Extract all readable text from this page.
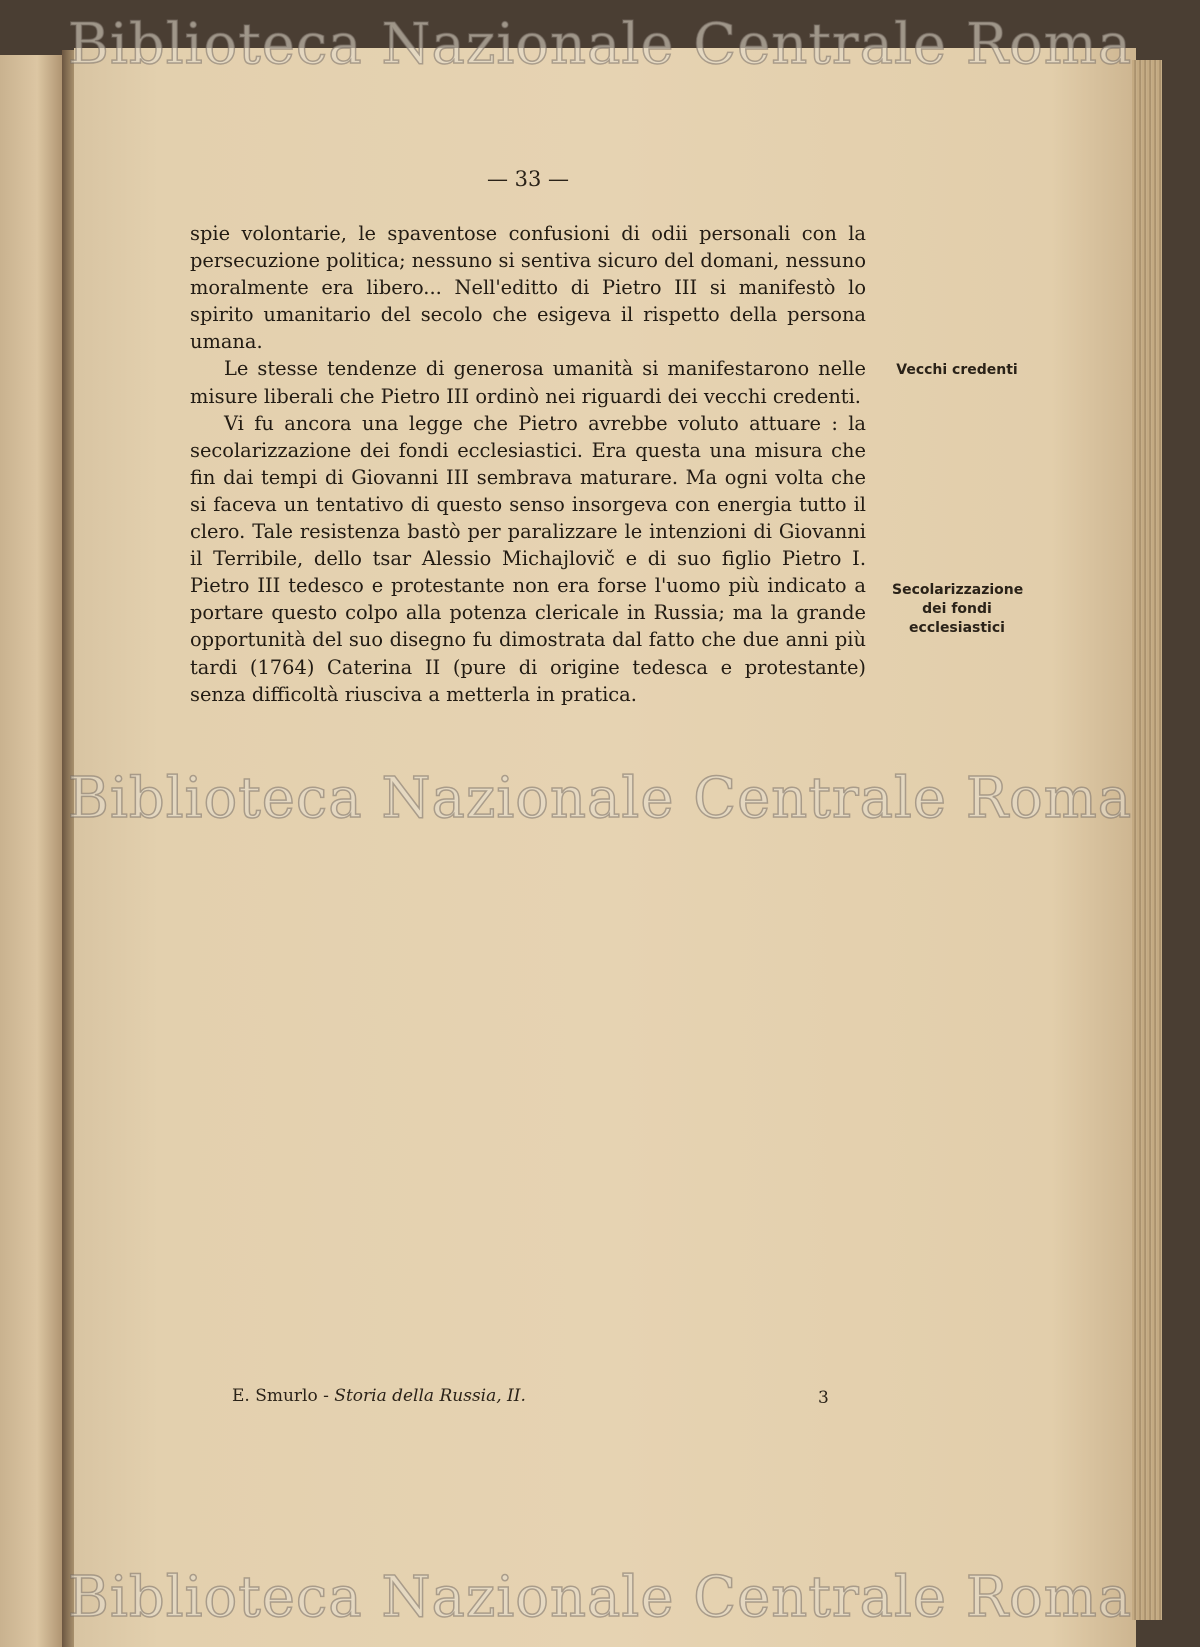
— 33 —

spie volontarie, le spaventose confusioni di odii personali con la persecuzione politica; nessuno si sentiva sicuro del domani, nessuno moralmente era libero... Nell'editto di Pietro III si manifestò lo spirito umanitario del secolo che esigeva il rispetto della persona umana.

Le stesse tendenze di generosa umanità si manifestarono nelle misure liberali che Pietro III ordinò nei riguardi dei vecchi credenti.

Vi fu ancora una legge che Pietro avrebbe voluto attuare : la secolarizzazione dei fondi ecclesiastici. Era questa una misura che fin dai tempi di Giovanni III sembrava maturare. Ma ogni volta che si faceva un tentativo di questo senso insorgeva con energia tutto il clero. Tale resistenza bastò per paralizzare le intenzioni di Giovanni il Terribile, dello tsar Alessio Michajlovič e di suo figlio Pietro I. Pietro III tedesco e protestante non era forse l'uomo più indicato a portare questo colpo alla potenza clericale in Russia; ma la grande opportunità del suo disegno fu dimostrata dal fatto che due anni più tardi (1764) Caterina II (pure di origine tedesca e protestante) senza difficoltà riusciva a metterla in pratica.

Vecchi credenti
Secolarizzazione dei fondi ecclesiastici
E. Smurlo - Storia della Russia, II.	3
Biblioteca Nazionale Centrale Roma
Biblioteca Nazionale Centrale Roma
Biblioteca Nazionale Centrale Roma
